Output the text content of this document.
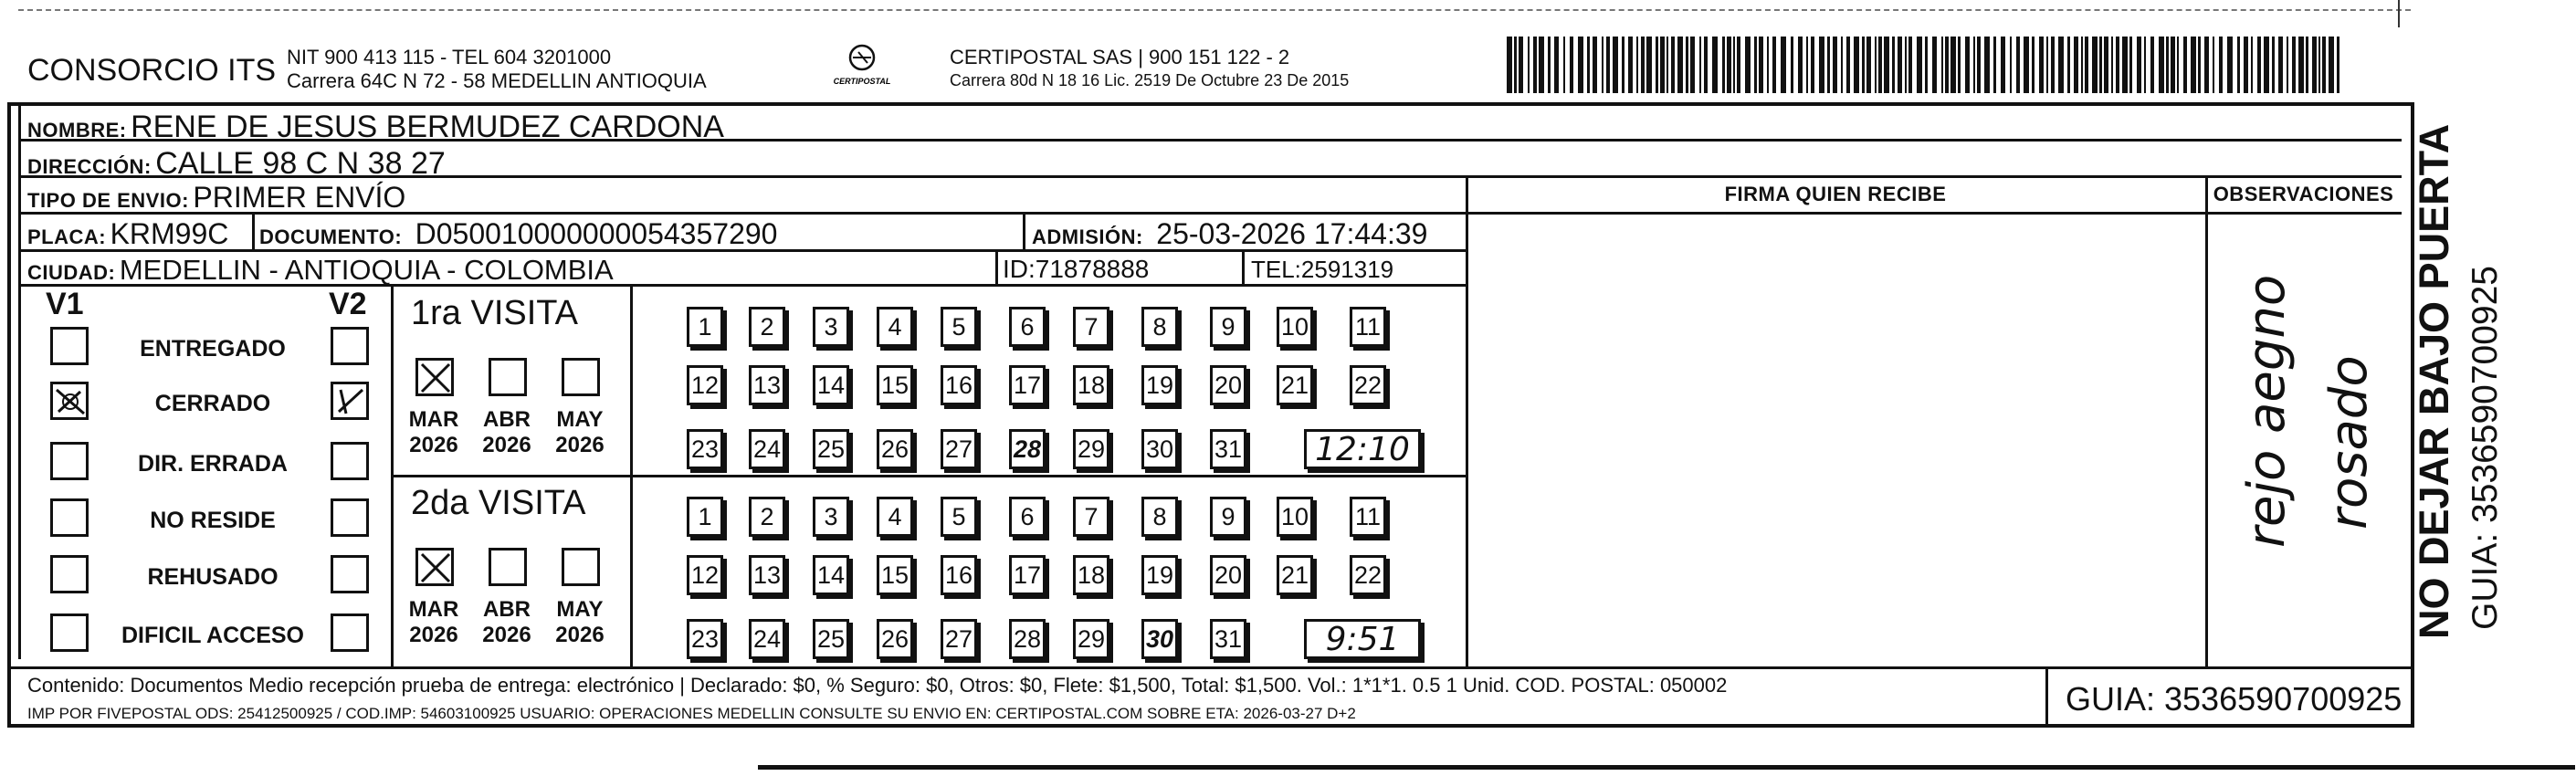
CONSORCIO ITS NIT 900 413 115 - TEL 604 3201000
Carrera 64C N 72 - 58 MEDELLIN ANTIOQUIA	CERTIPOSTAL
CERTIPOSTAL SAS | 900 151 122 - 2
Carrera 80d N 18 16 Lic. 2519 De Octubre 23 De 2015
NOMBRE: RENE DE JESUS BERMUDEZ CARDONA
DIRECCIÓN: CALLE 98 C N 38 27
TIPO DE ENVIO: PRIMER ENVÍO	FIRMA QUIEN RECIBE	OBSERVACIONES
PLACA: KRM99C DOCUMENTO: D050010000000054357290	ADMISIÓN: 25-03-2026 17:44:39
CIUDAD: MEDELLIN - ANTIOQUIA - COLOMBIA	ID:71878888	TEL:2591319
V1	V2
ENTREGADO
CERRADO
DIR. ERRADA
NO RESIDE
REHUSADO
DIFICIL ACCESO
1ra VISITA
MAR
2026
ABR
2026
MAY
2026
1	2	3	4	5	6	7	8	9	10 11
12 13 14 15 16 17 18 19 20 21 22
23 24 25 26 27 28 29 30 31	12:10
2da VISITA
MAR
2026
ABR
2026
MAY
2026
1	2	3	4	5	6	7	8	9	10 11
12 13 14 15 16 17 18 19 20 21 22
23 24 25 26 27 28 29 30 31	9:51
rejo aegno rosado NO DEJAR BAJO PUERTA GUIA: 3536590700925
Contenido: Documentos Medio recepción prueba de entrega: electrónico | Declarado: $0, % Seguro: $0, Otros: $0, Flete: $1,500, Total: $1,500. Vol.: 1*1*1. 0.5 1 Unid. COD. POSTAL: 050002
IMP POR FIVEPOSTAL ODS: 25412500925 / COD.IMP: 54603100925 USUARIO: OPERACIONES MEDELLIN CONSULTE SU ENVIO EN: CERTIPOSTAL.COM SOBRE ETA: 2026-03-27 D+2	GUIA: 3536590700925
